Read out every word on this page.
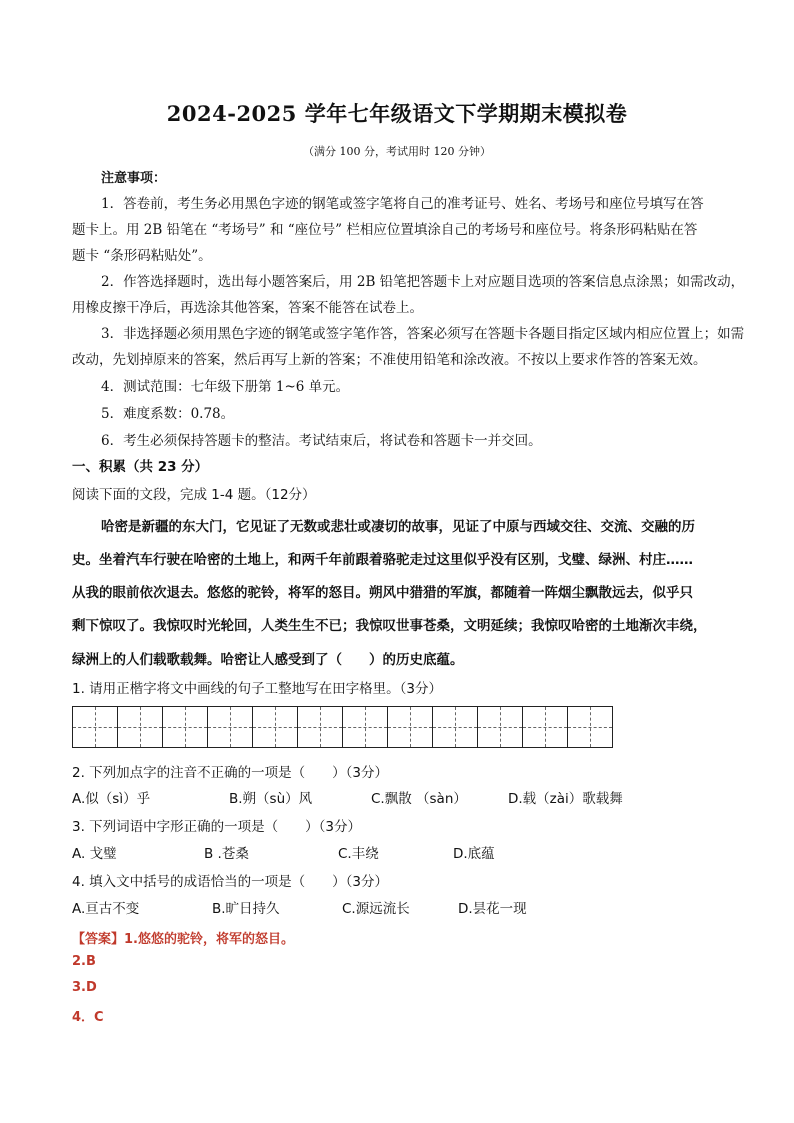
2024-2025 学年七年级语文下学期期末模拟卷
（满分 100 分，考试用时 120 分钟）
注意事项：
1．答卷前，考生务必用黑色字迹的钢笔或签字笔将自己的准考证号、姓名、考场号和座位号填写在答
题卡上。用 2B 铅笔在 “考场号” 和 “座位号” 栏相应位置填涂自己的考场号和座位号。将条形码粘贴在答
题卡 “条形码粘贴处”。
2．作答选择题时，选出每小题答案后，用 2B 铅笔把答题卡上对应题目选项的答案信息点涂黑；如需改动，
用橡皮擦干净后，再选涂其他答案，答案不能答在试卷上。
3．非选择题必须用黑色字迹的钢笔或签字笔作答，答案必须写在答题卡各题目指定区域内相应位置上；如需
改动，先划掉原来的答案，然后再写上新的答案；不准使用铅笔和涂改液。不按以上要求作答的答案无效。
4．测试范围：七年级下册第 1~6 单元。
5．难度系数：0.78。
6．考生必须保持答题卡的整洁。考试结束后，将试卷和答题卡一并交回。
一、积累（共 23 分）
阅读下面的文段，完成 1-4 题。（12分）
哈密是新疆的东大门，它见证了无数或悲壮或凄切的故事，见证了中原与西域交往、交流、交融的历
史。坐着汽车行驶在哈密的土地上，和两千年前跟着骆驼走过这里似乎没有区别，戈璧、绿洲、村庄……
从我的眼前依次退去。悠悠的驼铃，将军的怒目。朔风中猎猎的军旗，都随着一阵烟尘飘散远去，似乎只
剩下惊叹了。我惊叹时光轮回，人类生生不已；我惊叹世事苍桑，文明延续；我惊叹哈密的土地渐次丰绕，
绿洲上的人们载歌载舞。哈密让人感受到了（　　）的历史底蕴。
1. 请用正楷字将文中画线的句子工整地写在田字格里。（3分）
2. 下列加点字的注音不正确的一项是（　　）（3分）
A.似（sì）乎	B.朔（sù）风	C.飘散 （sàn）	D.载（zài）歌载舞
3. 下列词语中字形正确的一项是（　　）（3分）
A. 戈璧	B .苍桑	C.丰绕	D.底蕴
4. 填入文中括号的成语恰当的一项是（　　）（3分）
A.亘古不变	B.旷日持久	C.源远流长	D.昙花一现
【答案】1.悠悠的驼铃，将军的怒目。
2.B
3.D
4．C
